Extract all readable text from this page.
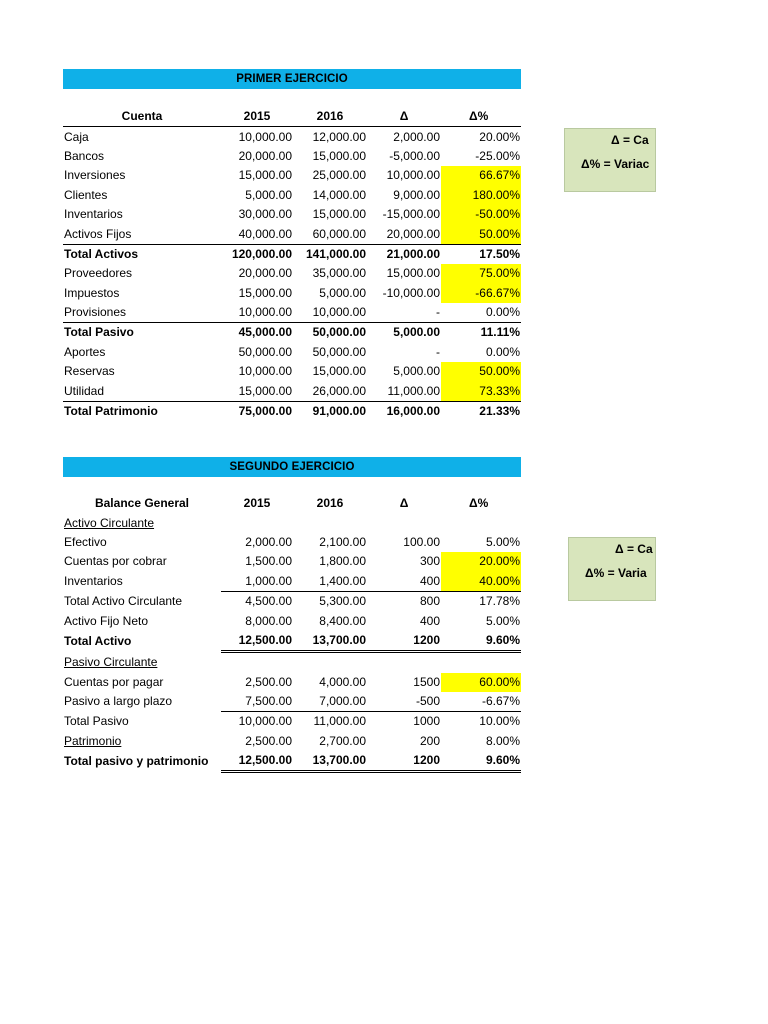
PRIMER EJERCICIO
Cuenta	2015	2016	Δ	Δ%
Caja	10,000.00	12,000.00	2,000.00	20.00%
Bancos	20,000.00	15,000.00	-5,000.00	-25.00%
Inversiones	15,000.00	25,000.00	10,000.00	66.67%
Clientes	5,000.00	14,000.00	9,000.00	180.00%
Inventarios	30,000.00	15,000.00	-15,000.00	-50.00%
Activos Fijos	40,000.00	60,000.00	20,000.00	50.00%
Total Activos	120,000.00	141,000.00	21,000.00	17.50%
Proveedores	20,000.00	35,000.00	15,000.00	75.00%
Impuestos	15,000.00	5,000.00	-10,000.00	-66.67%
Provisiones	10,000.00	10,000.00	-	0.00%
Total Pasivo	45,000.00	50,000.00	5,000.00	11.11%
Aportes	50,000.00	50,000.00	-	0.00%
Reservas	10,000.00	15,000.00	5,000.00	50.00%
Utilidad	15,000.00	26,000.00	11,000.00	73.33%
Total Patrimonio	75,000.00	91,000.00	16,000.00	21.33%
Δ = Ca
Δ% = Variac
SEGUNDO EJERCICIO
Balance General	2015	2016	Δ	Δ%
Activo Circulante				
Efectivo	2,000.00	2,100.00	100.00	5.00%
Cuentas por cobrar	1,500.00	1,800.00	300	20.00%
Inventarios	1,000.00	1,400.00	400	40.00%
Total Activo Circulante	4,500.00	5,300.00	800	17.78%
Activo Fijo Neto	8,000.00	8,400.00	400	5.00%
Total Activo	12,500.00	13,700.00	1200	9.60%
Pasivo Circulante				
Cuentas por pagar	2,500.00	4,000.00	1500	60.00%
Pasivo a largo plazo	7,500.00	7,000.00	-500	-6.67%
Total Pasivo	10,000.00	11,000.00	1000	10.00%
Patrimonio	2,500.00	2,700.00	200	8.00%
Total pasivo y patrimonio	12,500.00	13,700.00	1200	9.60%
Δ = Ca
Δ% = Varia
